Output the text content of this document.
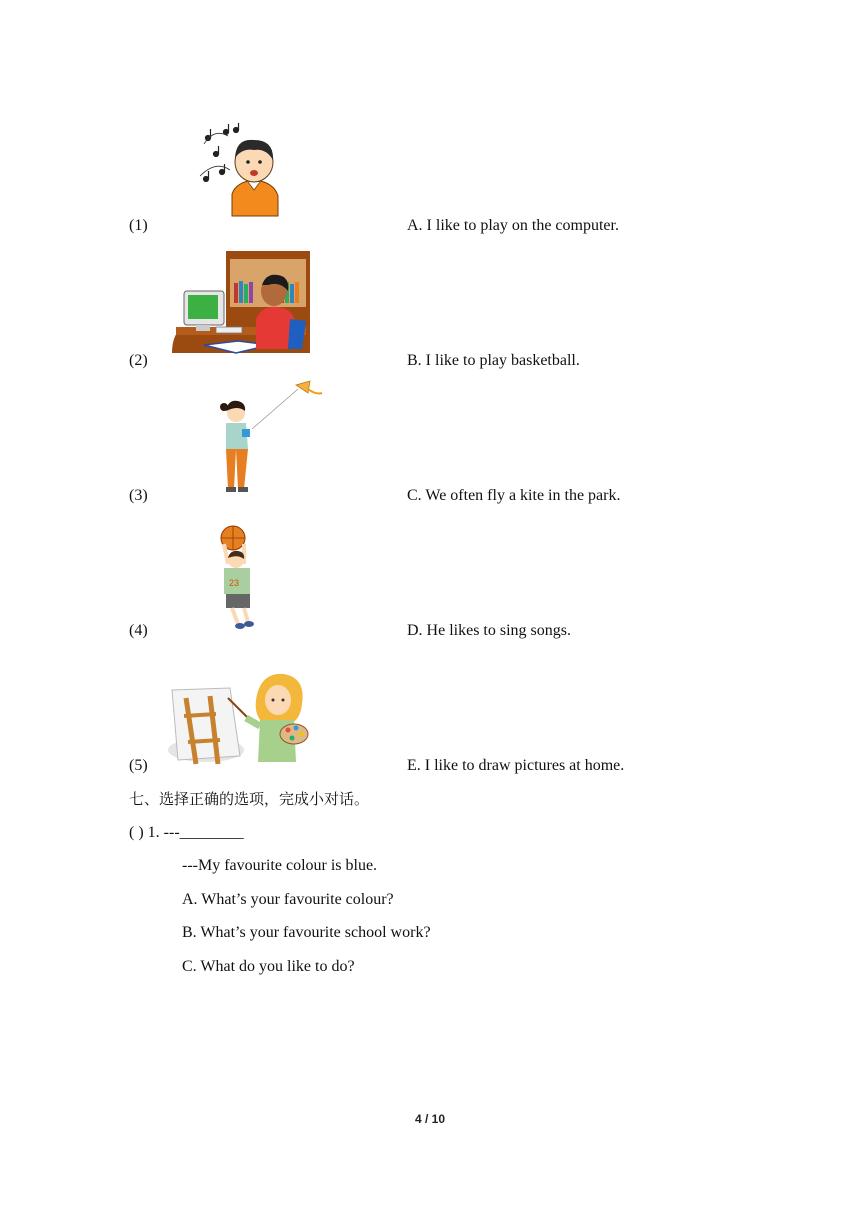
23
(1)	A. I like to play on the computer.
(2)	B. I like to play basketball.
(3)	C. We often fly a kite in the park.
(4)	D. He likes to sing songs.
(5)	E. I like to draw pictures at home.
七、选择正确的选项，完成小对话。
( ) 1. ---________
---My favourite colour is blue.
A. What’s your favourite colour?
B. What’s your favourite school work?
C. What do you like to do?
4 / 10
